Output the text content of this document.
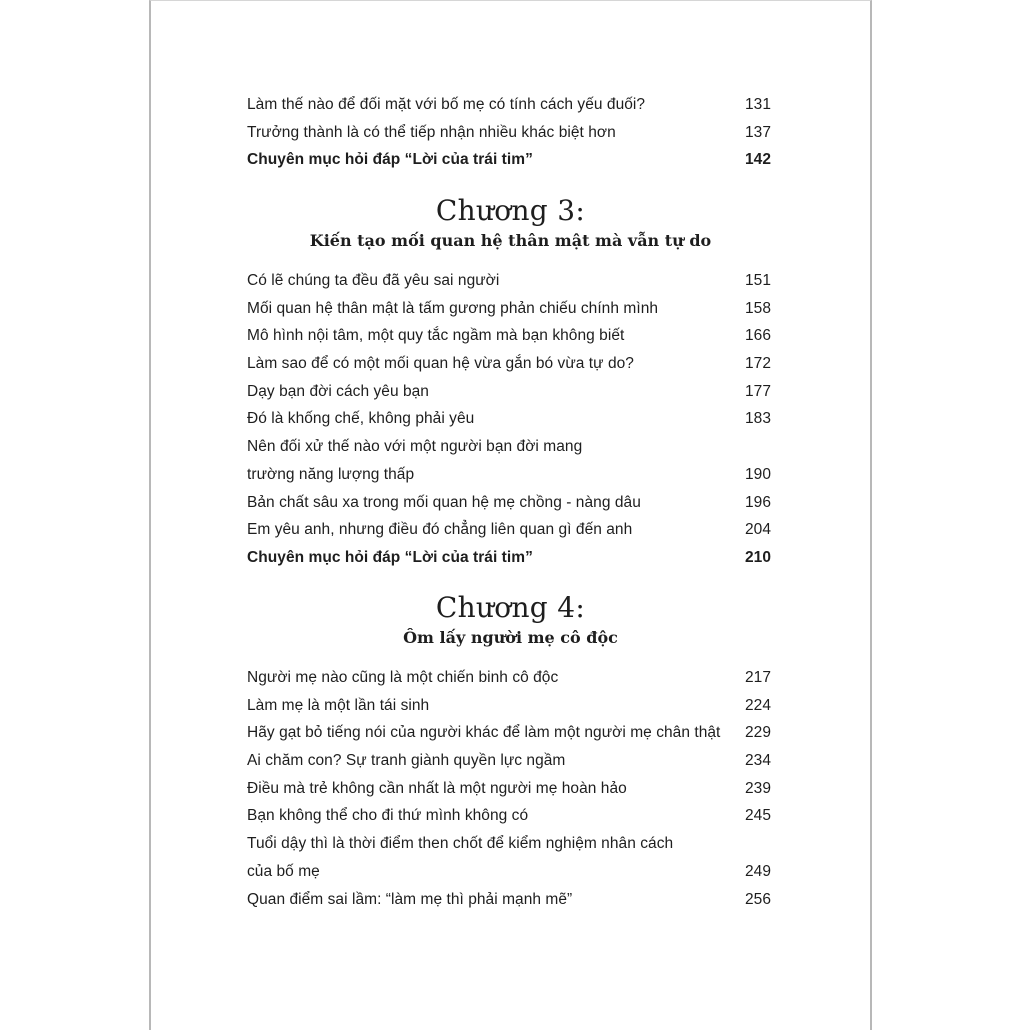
Làm thế nào để đối mặt với bố mẹ có tính cách yếu đuối?	131
Trưởng thành là có thể tiếp nhận nhiều khác biệt hơn	137
Chuyên mục hỏi đáp “Lời của trái tim”	142
Chương 3:
Kiến tạo mối quan hệ thân mật mà vẫn tự do
Có lẽ chúng ta đều đã yêu sai người	151
Mối quan hệ thân mật là tấm gương phản chiếu chính mình	158
Mô hình nội tâm, một quy tắc ngầm mà bạn không biết	166
Làm sao để có một mối quan hệ vừa gắn bó vừa tự do?	172
Dạy bạn đời cách yêu bạn	177
Đó là khống chế, không phải yêu	183
Nên đối xử thế nào với một người bạn đời mang
trường năng lượng thấp	190
Bản chất sâu xa trong mối quan hệ mẹ chồng - nàng dâu	196
Em yêu anh, nhưng điều đó chẳng liên quan gì đến anh	204
Chuyên mục hỏi đáp “Lời của trái tim”	210
Chương 4:
Ôm lấy người mẹ cô độc
Người mẹ nào cũng là một chiến binh cô độc	217
Làm mẹ là một lần tái sinh	224
Hãy gạt bỏ tiếng nói của người khác để làm một người mẹ chân thật 229
Ai chăm con? Sự tranh giành quyền lực ngầm	234
Điều mà trẻ không cần nhất là một người mẹ hoàn hảo	239
Bạn không thể cho đi thứ mình không có	245
Tuổi dậy thì là thời điểm then chốt để kiểm nghiệm nhân cách
của bố mẹ	249
Quan điểm sai lầm: “làm mẹ thì phải mạnh mẽ”	256
